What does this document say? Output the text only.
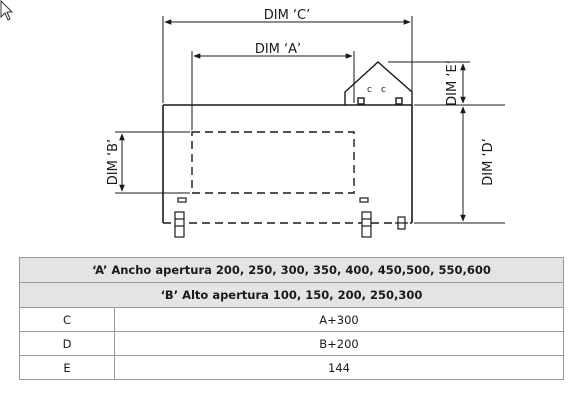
c c
DIM ‘C’
DIM ‘A’
DIM ‘B’
DIM ‘E’
DIM ‘D’
‘A’ Ancho apertura 200, 250, 300, 350, 400, 450,500, 550,600	
‘B’ Alto apertura 100, 150, 200, 250,300	
C	A+300
D	B+200
E	144
